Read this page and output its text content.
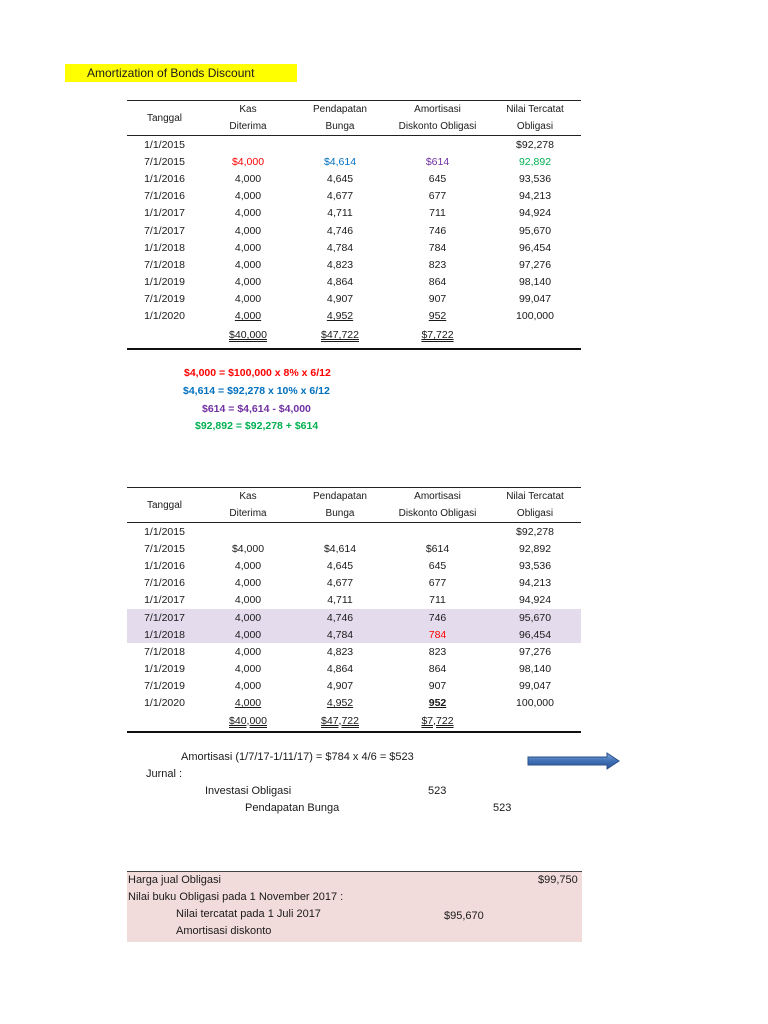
Amortization of Bonds Discount
Tanggal	Kas	Pendapatan	Amortisasi	Nilai Tercatat
	Diterima	Bunga	Diskonto Obligasi	Obligasi
1/1/2015				$92,278
7/1/2015	$4,000	$4,614	$614	92,892
1/1/2016	4,000	4,645	645	93,536
7/1/2016	4,000	4,677	677	94,213
1/1/2017	4,000	4,711	711	94,924
7/1/2017	4,000	4,746	746	95,670
1/1/2018	4,000	4,784	784	96,454
7/1/2018	4,000	4,823	823	97,276
1/1/2019	4,000	4,864	864	98,140
7/1/2019	4,000	4,907	907	99,047
1/1/2020	4,000	4,952	952	100,000
	$40,000	$47,722	$7,722	
$4,000 = $100,000 x 8% x 6/12
$4,614 = $92,278 x 10% x 6/12
$614 = $4,614 - $4,000
$92,892 = $92,278 + $614
Tanggal	Kas	Pendapatan	Amortisasi	Nilai Tercatat
	Diterima	Bunga	Diskonto Obligasi	Obligasi
1/1/2015				$92,278
7/1/2015	$4,000	$4,614	$614	92,892
1/1/2016	4,000	4,645	645	93,536
7/1/2016	4,000	4,677	677	94,213
1/1/2017	4,000	4,711	711	94,924
7/1/2017	4,000	4,746	746	95,670
1/1/2018	4,000	4,784	784	96,454
7/1/2018	4,000	4,823	823	97,276
1/1/2019	4,000	4,864	864	98,140
7/1/2019	4,000	4,907	907	99,047
1/1/2020	4,000	4,952	952	100,000
	$40,000	$47,722	$7,722	
Amortisasi (1/7/17-1/11/17) = $784 x 4/6 = $523
Jurnal :
Investasi Obligasi	523
Pendapatan Bunga	523
Harga jual Obligasi	$99,750
Nilai buku Obligasi pada 1 November 2017 :
Nilai tercatat pada 1 Juli 2017	$95,670
Amortisasi diskonto
